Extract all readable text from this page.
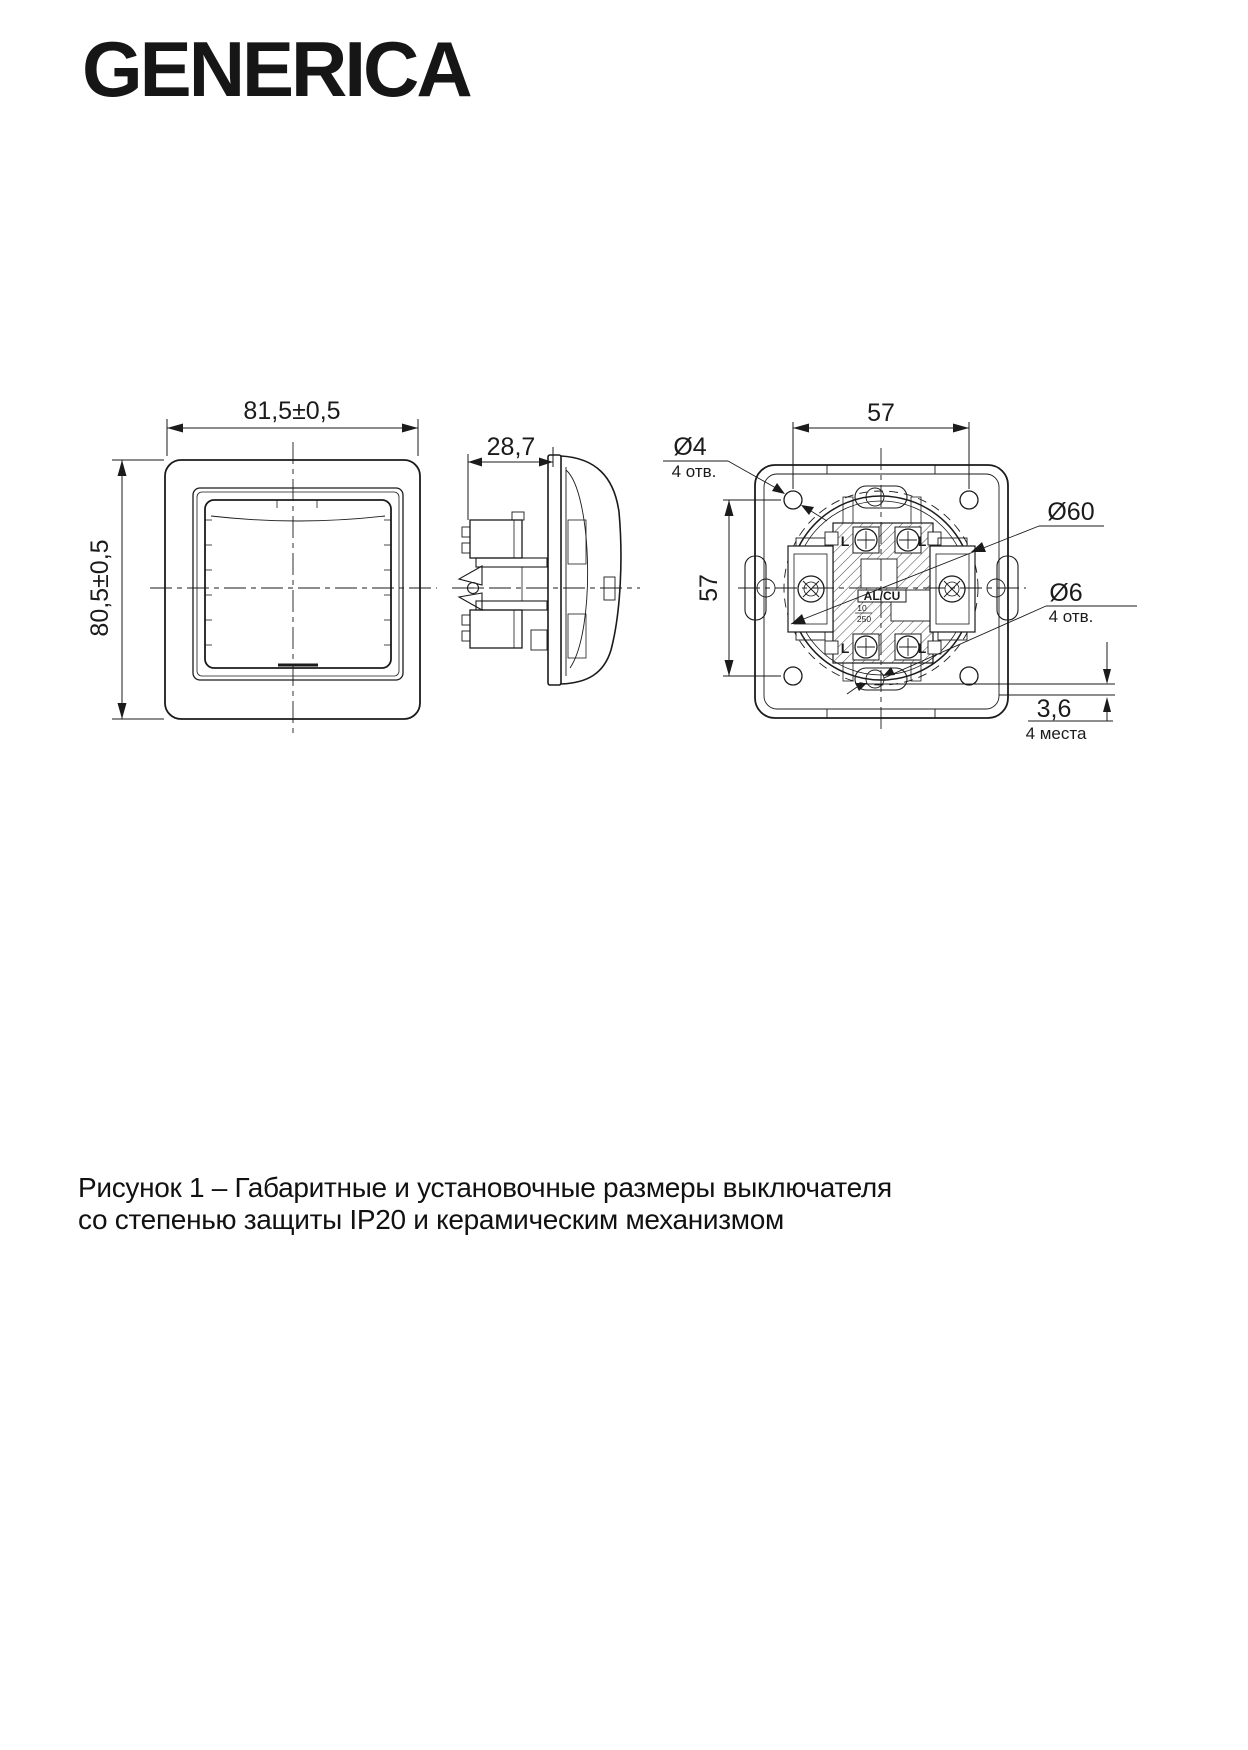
GENERICA
81,5±0,5
80,5±0,5
28,7
L	L
L	L
AL/CU
10
250
57
57
Ø4
4 отв.
Ø60
Ø6
4 отв.
3,6
4 места
Рисунок 1 – Габаритные и установочные размеры выключателя
со степенью защиты IP20 и керамическим механизмом
